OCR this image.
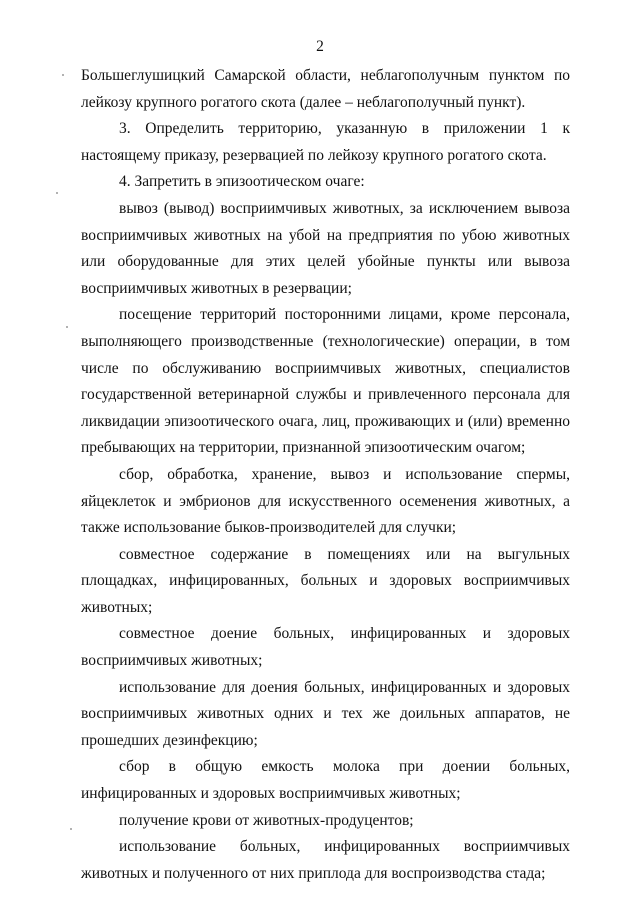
2

Большеглушицкий Самарской области, неблагополучным пунктом по лейкозу крупного рогатого скота (далее – неблагополучный пункт).

3. Определить территорию, указанную в приложении 1 к настоящему приказу, резервацией по лейкозу крупного рогатого скота.

4. Запретить в эпизоотическом очаге:

вывоз (вывод) восприимчивых животных, за исключением вывоза восприимчивых животных на убой на предприятия по убою животных или оборудованные для этих целей убойные пункты или вывоза восприимчивых животных в резервации;

посещение территорий посторонними лицами, кроме персонала, выполняющего производственные (технологические) операции, в том числе по обслуживанию восприимчивых животных, специалистов государственной ветеринарной службы и привлеченного персонала для ликвидации эпизоотического очага, лиц, проживающих и (или) временно пребывающих на территории, признанной эпизоотическим очагом;

сбор, обработка, хранение, вывоз и использование спермы, яйцеклеток и эмбрионов для искусственного осеменения животных, а также использование быков-производителей для случки;

совместное содержание в помещениях или на выгульных площадках, инфицированных, больных и здоровых восприимчивых животных;

совместное доение больных, инфицированных и здоровых восприимчивых животных;

использование для доения больных, инфицированных и здоровых восприимчивых животных одних и тех же доильных аппаратов, не прошедших дезинфекцию;

сбор в общую емкость молока при доении больных, инфицированных и здоровых восприимчивых животных;

получение крови от животных-продуцентов;

использование больных, инфицированных восприимчивых животных и полученного от них приплода для воспроизводства стада;
